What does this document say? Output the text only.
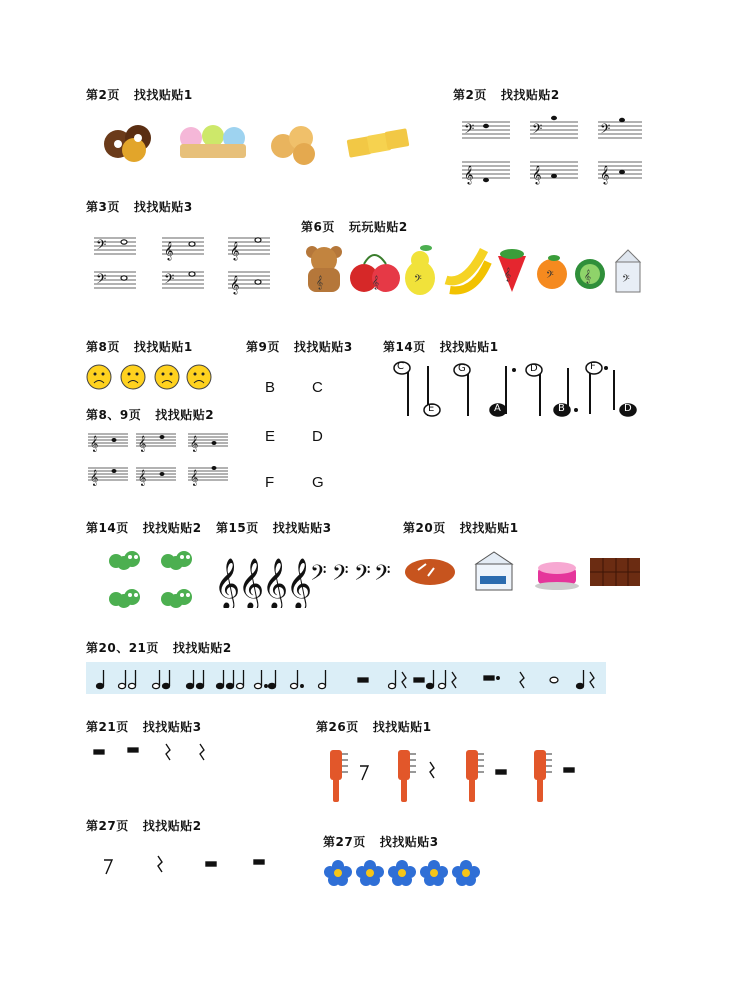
第2页 找找贴贴1	第2页 找找贴贴2
第3页 找找贴贴3
第6页 玩玩贴贴2
第8页 找找贴贴1	第9页 找找贴贴3	第14页 找找贴贴1
第8、9页 找找贴贴2
第14页 找找贴贴2 第15页 找找贴贴3	第20页 找找贴贴1
第20、21页 找找贴贴2
第21页 找找贴贴3	第26页 找找贴贴1
第27页 找找贴贴2
第27页 找找贴贴3
𝄢	𝄢	𝄢
𝄞	𝄞	𝄞
𝄢	𝄞	𝄞
𝄢	𝄢	𝄞	𝄞	𝄞	𝄢	𝄞	𝄢	𝄞	𝄢
B C
E D
F	G
C
E
G
A
D
B
F
D
𝄞	𝄞	𝄞
𝄞	𝄞	𝄞
𝄞
𝄞
𝄞
𝄞
𝄢 𝄢 𝄢 𝄢
